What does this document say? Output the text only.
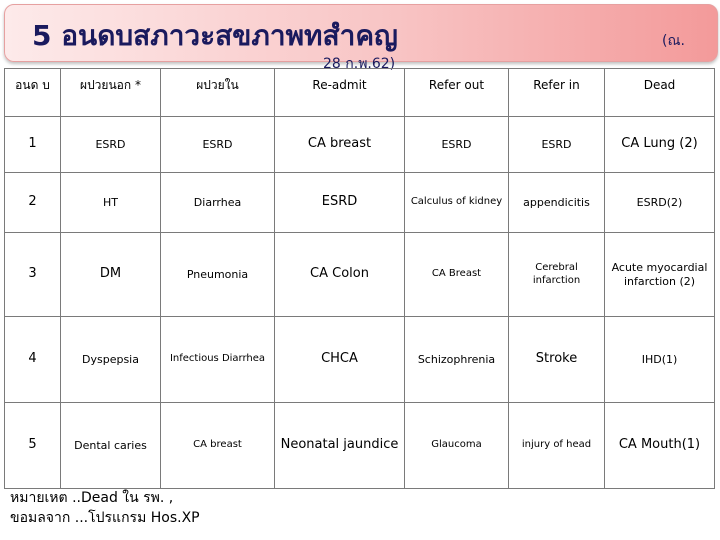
5 อนดบสภาวะสขภาพทสำคญ	(ณ.
28 ก.พ.62)
อนด บ	ผปวยนอก *	ผปวยใน	Re-admit	Refer out	Refer in	Dead
1	ESRD	ESRD	CA breast	ESRD	ESRD	CA Lung (2)
2	HT	Diarrhea	ESRD	Calculus of kidney	appendicitis	ESRD(2)
3	DM	Pneumonia	CA Colon	CA Breast	Cerebral infarction	Acute myocardial infarction (2)
4	Dyspepsia	Infectious Diarrhea	CHCA	Schizophrenia	Stroke	IHD(1)
5	Dental caries	CA breast	Neonatal jaundice	Glaucoma	injury of head	CA Mouth(1)
หมายเหต ..Dead ใน รพ. ,
ขอมลจาก ...โปรแกรม Hos.XP
